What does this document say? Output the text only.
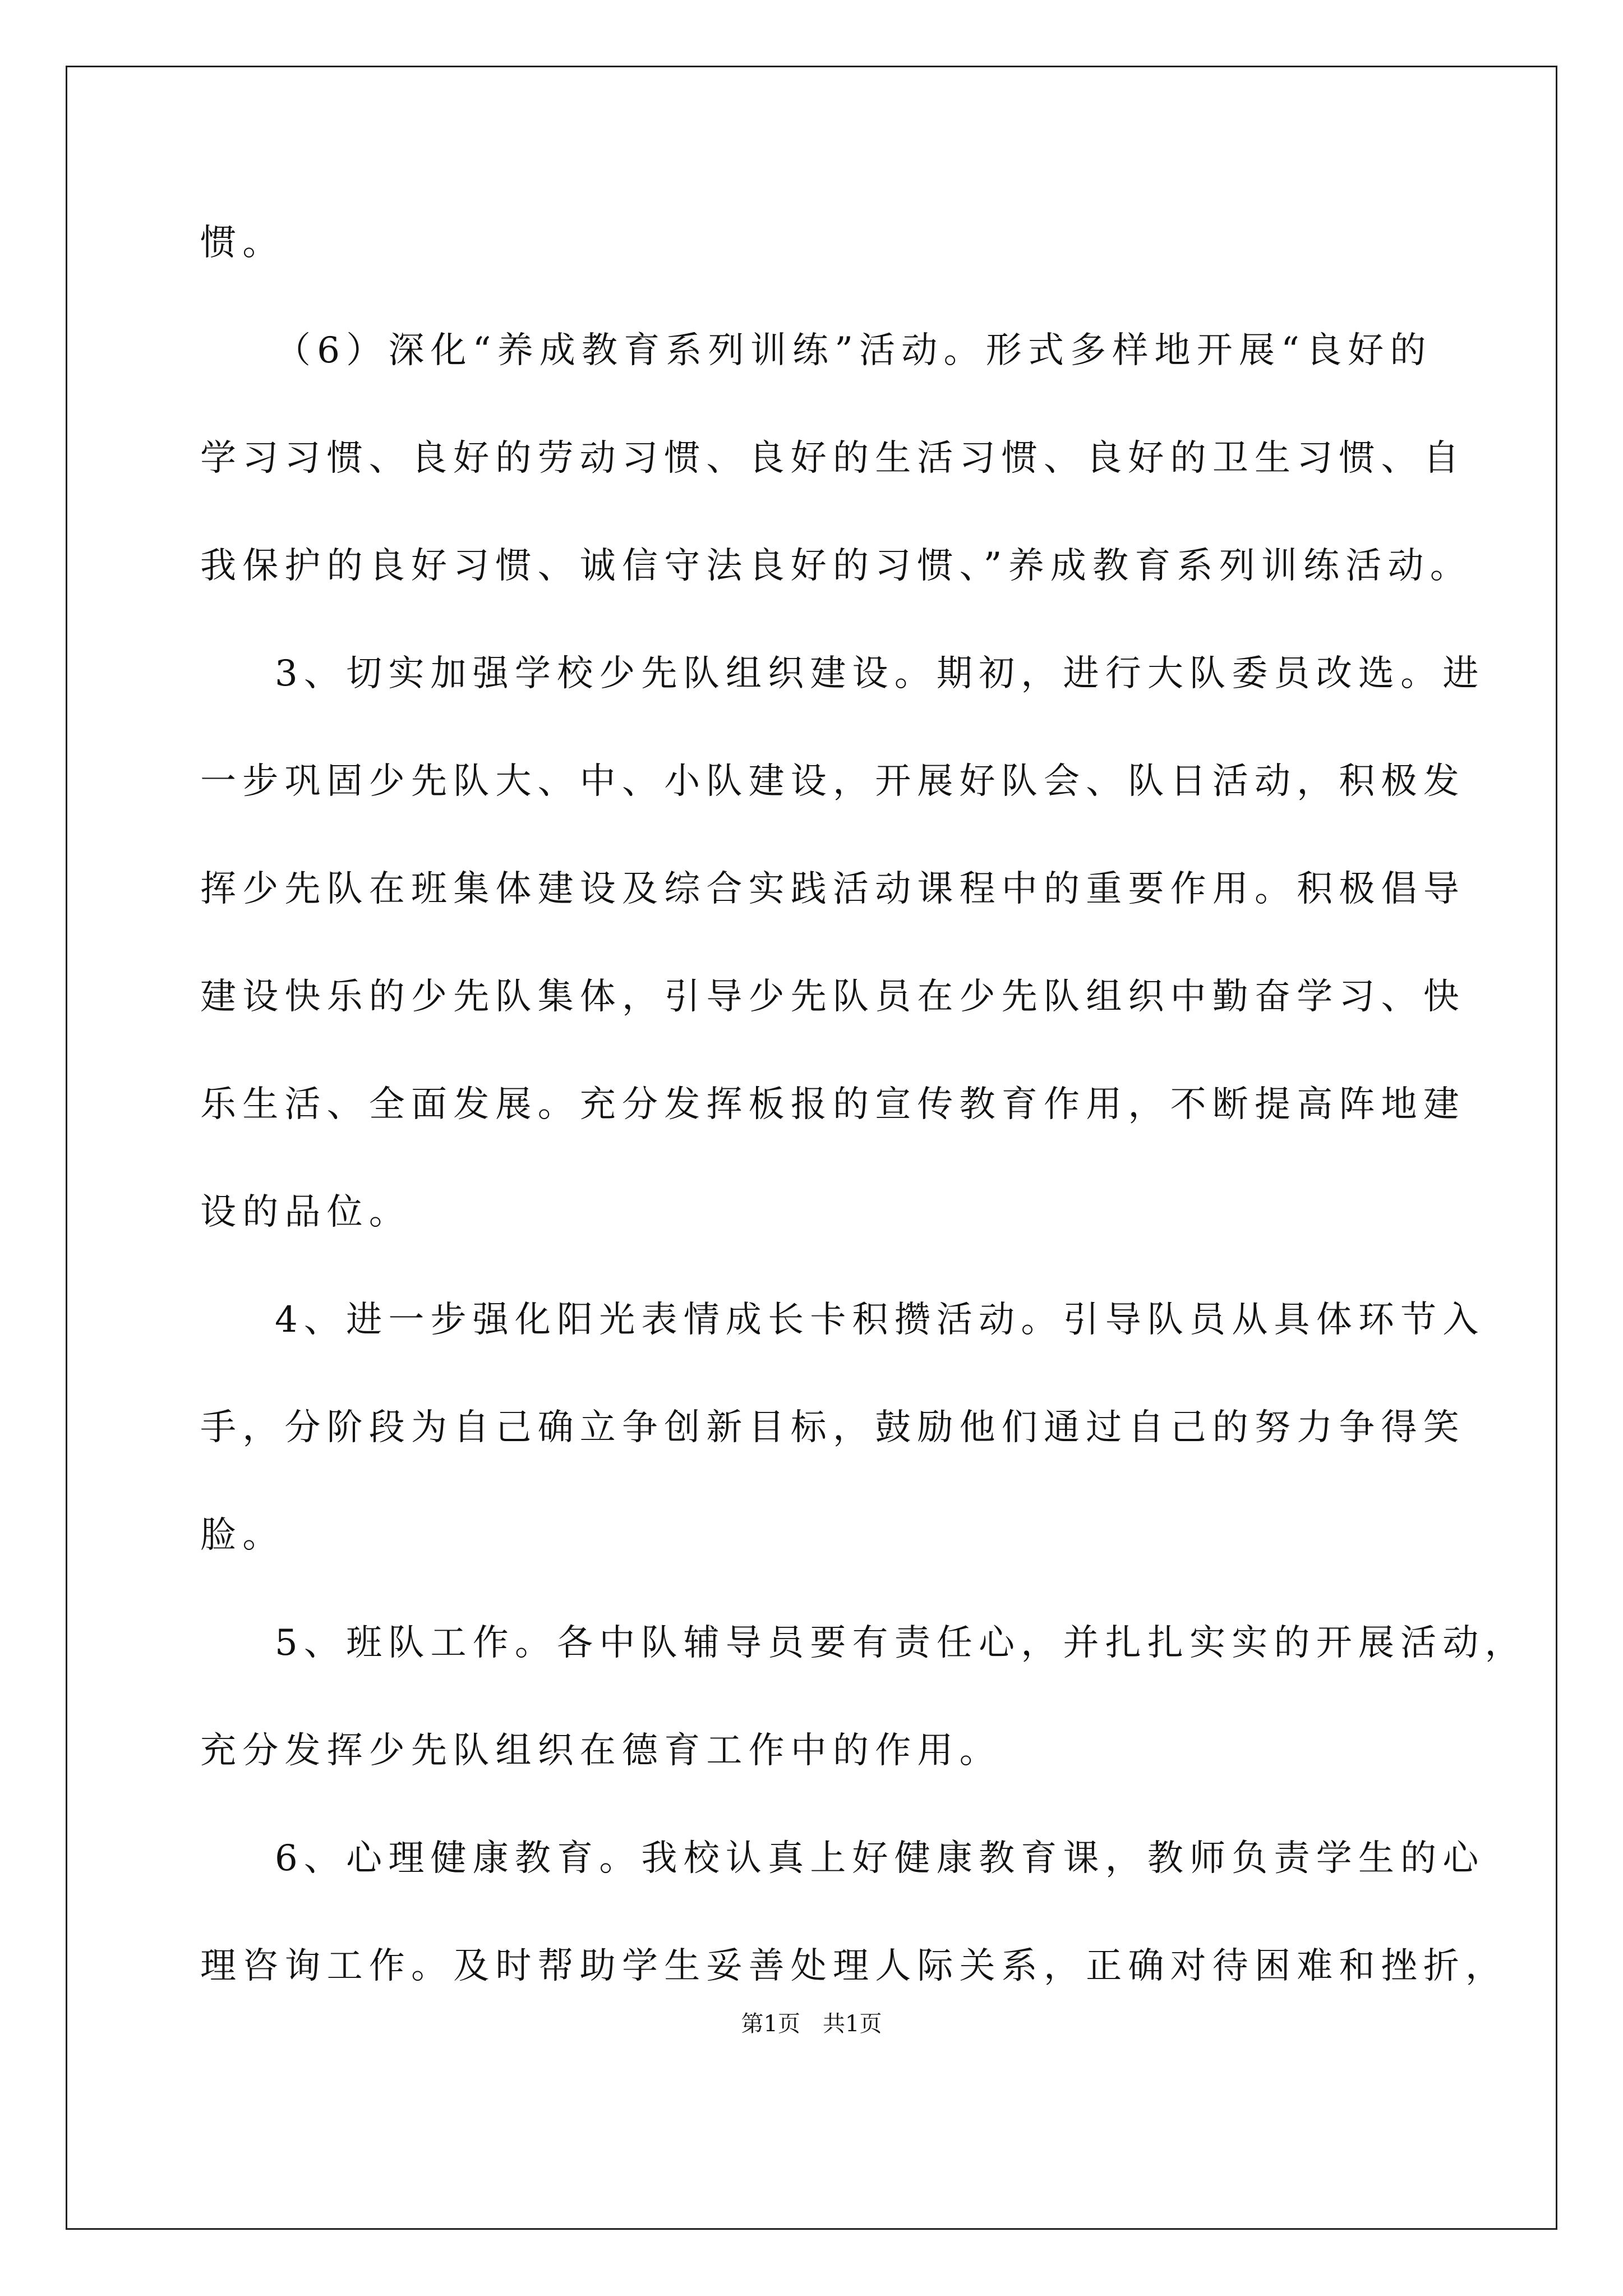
惯。
（6）深化“养成教育系列训练”活动。形式多样地开展“良好的
学习习惯、良好的劳动习惯、良好的生活习惯、良好的卫生习惯、自
我保护的良好习惯、诚信守法良好的习惯、”养成教育系列训练活动。
3、切实加强学校少先队组织建设。期初，进行大队委员改选。进
一步巩固少先队大、中、小队建设，开展好队会、队日活动，积极发
挥少先队在班集体建设及综合实践活动课程中的重要作用。积极倡导
建设快乐的少先队集体，引导少先队员在少先队组织中勤奋学习、快
乐生活、全面发展。充分发挥板报的宣传教育作用，不断提高阵地建
设的品位。
4、进一步强化阳光表情成长卡积攒活动。引导队员从具体环节入
手，分阶段为自己确立争创新目标，鼓励他们通过自己的努力争得笑
脸。
5、班队工作。各中队辅导员要有责任心，并扎扎实实的开展活动，
充分发挥少先队组织在德育工作中的作用。
6、心理健康教育。我校认真上好健康教育课，教师负责学生的心
理咨询工作。及时帮助学生妥善处理人际关系，正确对待困难和挫折，
第1页　共1页
